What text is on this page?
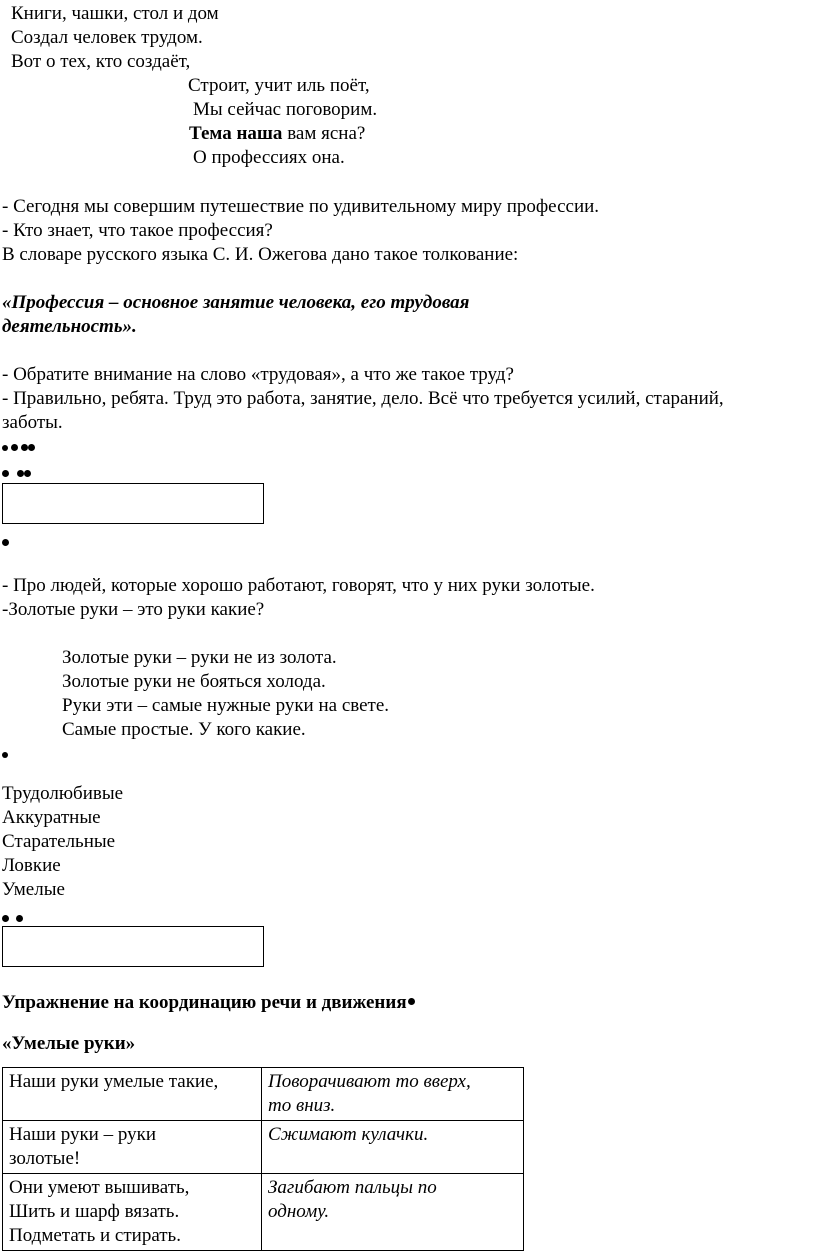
Книги, чашки, стол и дом
Создал человек трудом.
Вот о тех, кто создаёт,
Строит, учит иль поёт,
Мы сейчас поговорим.
Тема наша вам ясна?
О профессиях она.
- Сегодня мы совершим путешествие по удивительному миру профессии.
- Кто знает, что такое профессия?
В словаре русского языка С. И. Ожегова дано такое толкование:
«Профессия – основное занятие человека, его трудовая
деятельность».
- Обратите внимание на слово «трудовая», а что же такое труд?
- Правильно, ребята. Труд это работа, занятие, дело. Всё что требуется усилий, стараний,
заботы.
- Про людей, которые хорошо работают, говорят, что у них руки золотые.
-Золотые руки – это руки какие?
Золотые руки – руки не из золота.
Золотые руки не бояться холода.
Руки эти – самые нужные руки на свете.
Самые простые. У кого какие.
Трудолюбивые
Аккуратные
Старательные
Ловкие
Умелые
Упражнение на координацию речи и движения
«Умелые руки»
Наши руки умелые такие,	Поворачивают то вверх,
то вниз.

Наши руки – руки
золотые!	Сжимают кулачки.

Они умеют вышивать,
Шить и шарф вязать.
Подметать и стирать.	Загибают пальцы по
одному.
